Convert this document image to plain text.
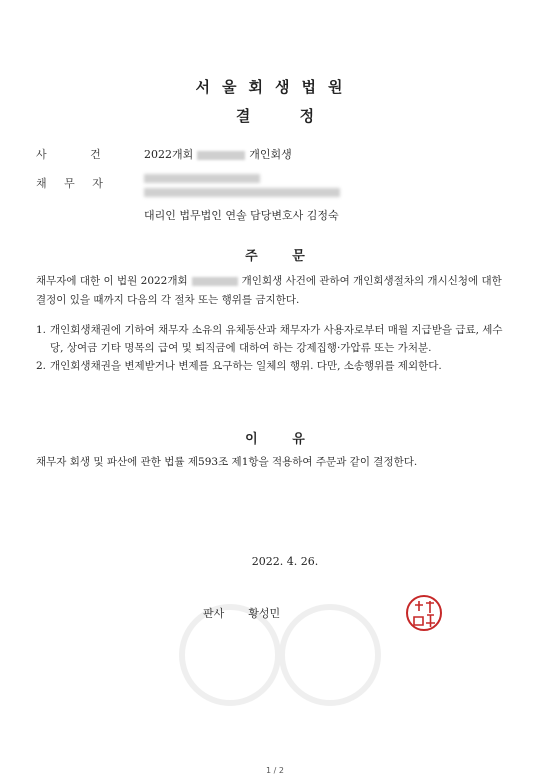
서울회생법원
결 정
사 건	2022개회	개인회생
채 무 자
대리인 법무법인 연솔 담당변호사 김정숙
주 문
채무자에 대한 이 법원 2022개회	개인회생 사건에 관하여 개인회생절차의 개시신청에 대한 결정이 있을 때까지 다음의 각 절차 또는 행위를 금지한다.
1. 개인회생채권에 기하여 채무자 소유의 유체동산과 채무자가 사용자로부터 매월 지급받을 급료, 세수당, 상여금 기타 명목의 급여 및 퇴직금에 대하여 하는 강제집행·가압류 또는 가처분.
2. 개인회생채권을 변제받거나 변제를 요구하는 일체의 행위. 다만, 소송행위를 제외한다.
이 유
채무자 회생 및 파산에 관한 법률 제593조 제1항을 적용하여 주문과 같이 결정한다.
2022. 4. 26.
판사 황성민
1 / 2
